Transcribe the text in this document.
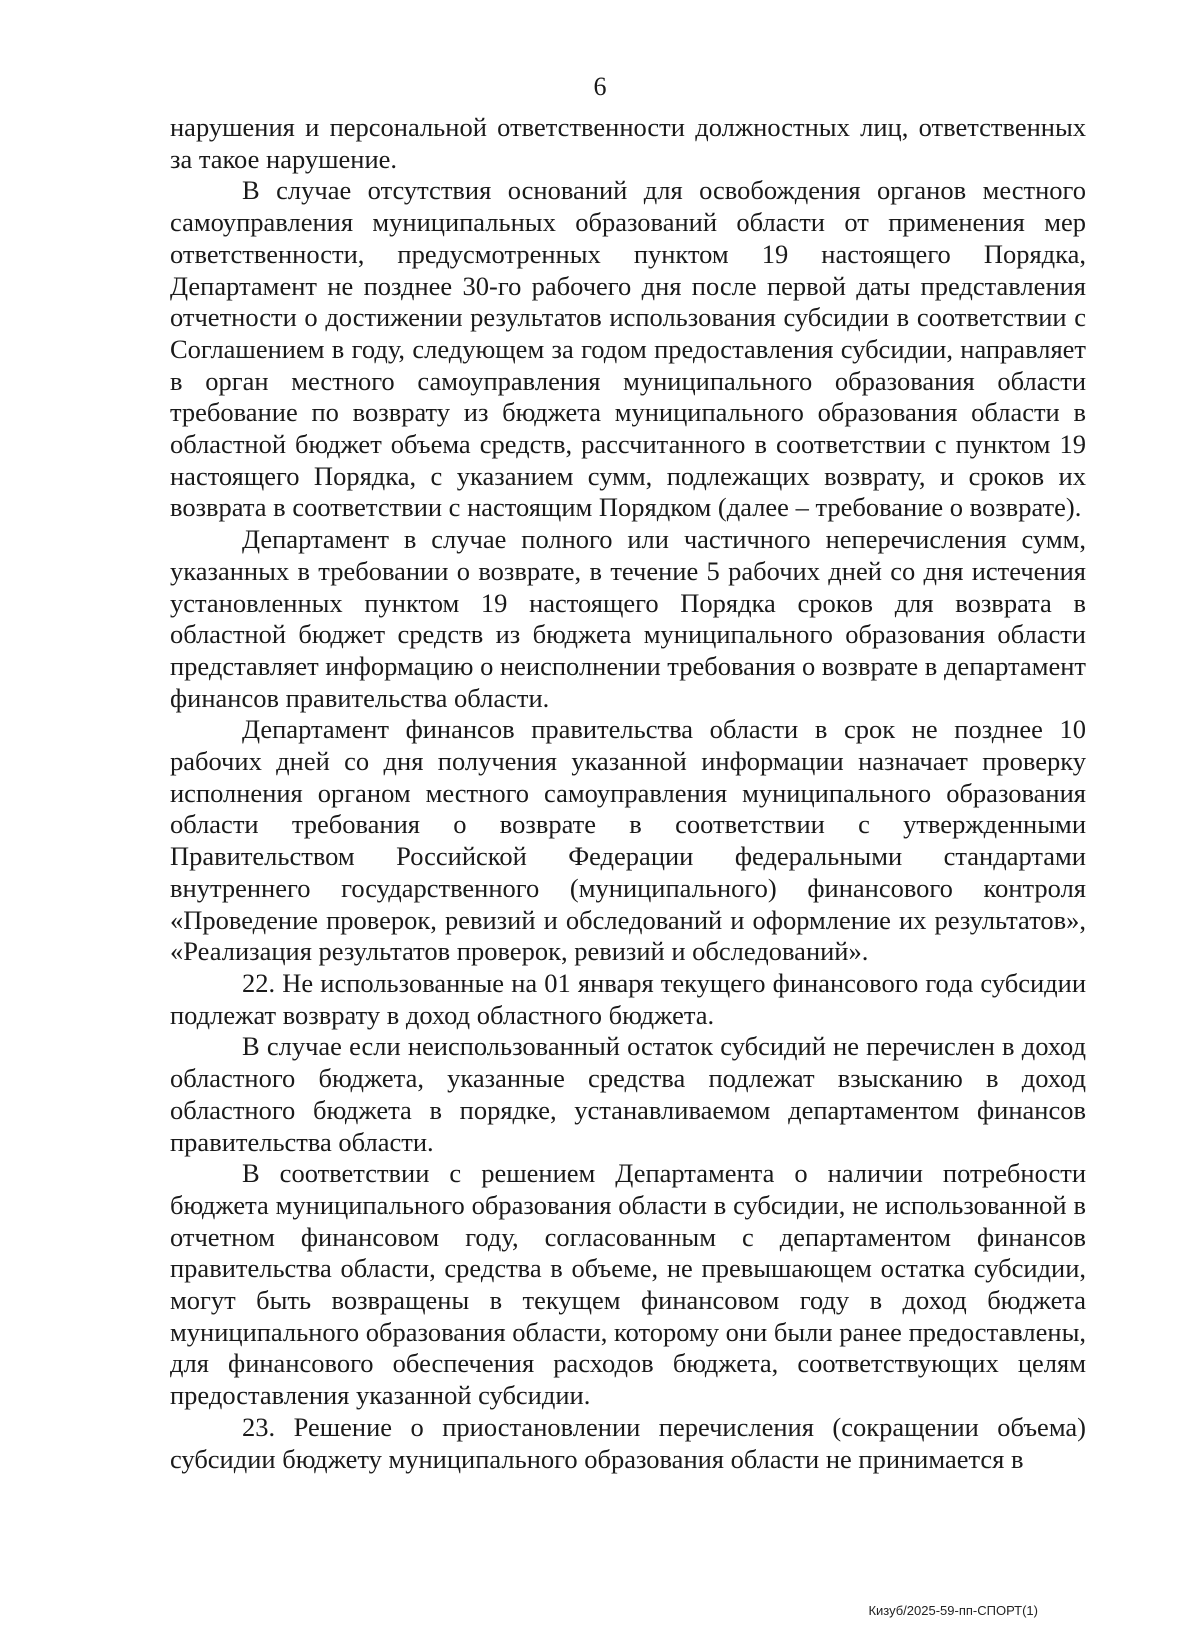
6

нарушения и персональной ответственности должностных лиц, ответственных за такое нарушение.

В случае отсутствия оснований для освобождения органов местного самоуправления муниципальных образований области от применения мер ответственности, предусмотренных пунктом 19 настоящего Порядка, Департамент не позднее 30-го рабочего дня после первой даты представления отчетности о достижении результатов использования субсидии в соответствии с Соглашением в году, следующем за годом предоставления субсидии, направляет в орган местного самоуправления муниципального образования области требование по возврату из бюджета муниципального образования области в областной бюджет объема средств, рассчитанного в соответствии с пунктом 19 настоящего Порядка, с указанием сумм, подлежащих возврату, и сроков их возврата в соответствии с настоящим Порядком (далее – требование о возврате).

Департамент в случае полного или частичного неперечисления сумм, указанных в требовании о возврате, в течение 5 рабочих дней со дня истечения установленных пунктом 19 настоящего Порядка сроков для возврата в областной бюджет средств из бюджета муниципального образования области представляет информацию о неисполнении требования о возврате в департамент финансов правительства области.

Департамент финансов правительства области в срок не позднее 10 рабочих дней со дня получения указанной информации назначает проверку исполнения органом местного самоуправления муниципального образования области требования о возврате в соответствии с утвержденными Правительством Российской Федерации федеральными стандартами внутреннего государственного (муниципального) финансового контроля «Проведение проверок, ревизий и обследований и оформление их результатов», «Реализация результатов проверок, ревизий и обследований».

22. Не использованные на 01 января текущего финансового года субсидии подлежат возврату в доход областного бюджета.

В случае если неиспользованный остаток субсидий не перечислен в доход областного бюджета, указанные средства подлежат взысканию в доход областного бюджета в порядке, устанавливаемом департаментом финансов правительства области.

В соответствии с решением Департамента о наличии потребности бюджета муниципального образования области в субсидии, не использованной в отчетном финансовом году, согласованным с департаментом финансов правительства области, средства в объеме, не превышающем остатка субсидии, могут быть возвращены в текущем финансовом году в доход бюджета муниципального образования области, которому они были ранее предоставлены, для финансового обеспечения расходов бюджета, соответствующих целям предоставления указанной субсидии.

23. Решение о приостановлении перечисления (сокращении объема) субсидии бюджету муниципального образования области не принимается в

Кизуб/2025-59-пп-СПОРТ(1)
